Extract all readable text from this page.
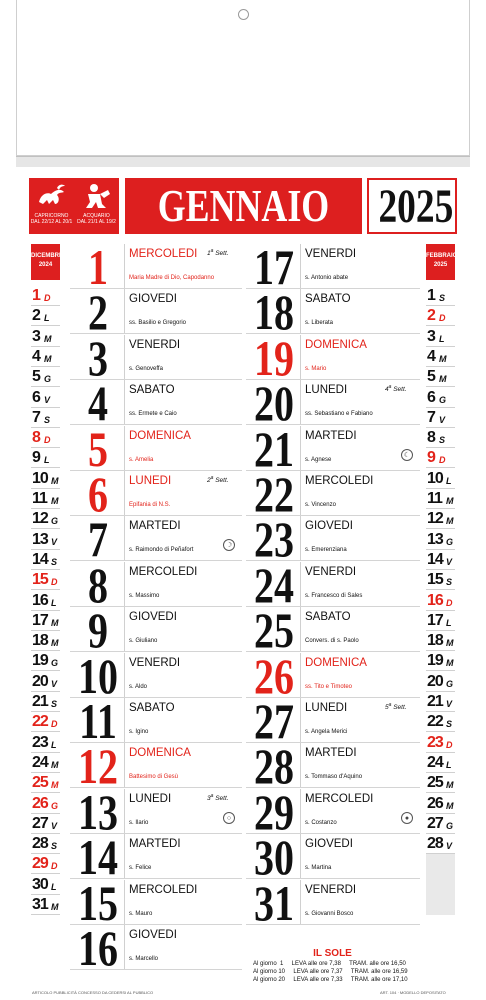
CAPRICORNO
DAL 22/12 AL 20/1
ACQUARIO
DAL 21/1 AL 19/2 GENNAIO 2025
DICEMBRE 2024
1 D
2 L
3 M
4 M
5 G
6 V
7 S
8 D
9 L
10 M
11 M
12 G
13 V
14 S
15 D
16 L
17 M
18 M
19 G
20 V
21 S
22 D
23 L
24 M
25 M
26 G
27 V
28 S
29 D
30 L
31 M
FEBBRAIO 2025
1 S
2 D
3 L
4 M
5 M
6 G
7 V
8 S
9 D
10 L
11 M
12 M
13 G
14 V
15 S
16 D
17 L
18 M
19 M
20 G
21 V
22 S
23 D
24 L
25 M
26 M
27 G
28 V
1	MERCOLEDI
Maria Madre di Dio, Capodanno
1$^a$ Sett.
2	GIOVEDI
ss. Basilio e Gregorio
3	VENERDI
s. Genoveffa
4	SABATO
ss. Ermete e Caio
5	DOMENICA
s. Amelia
6	LUNEDI
Epifania di N.S.
2$^a$ Sett.
7	MARTEDI
s. Raimondo di Peñafort
☽
8	MERCOLEDI
s. Massimo
9	GIOVEDI
s. Giuliano
10 VENERDI
s. Aldo
11	SABATO
s. Igino
12 DOMENICA
Battesimo di Gesù
13 LUNEDI
s. Ilario
3$^a$ Sett.
○
14 MARTEDI
s. Felice
15 MERCOLEDI
s. Mauro
16 GIOVEDI
s. Marcello
17 VENERDI
s. Antonio abate
18 SABATO
s. Liberata
19 DOMENICA
s. Mario
20 LUNEDI
ss. Sebastiano e Fabiano
4$^a$ Sett.
21 MARTEDI
s. Agnese
☾
22 MERCOLEDI
s. Vincenzo
23 GIOVEDI
s. Emerenziana
24 VENERDI
s. Francesco di Sales
25 SABATO
Convers. di s. Paolo
26 DOMENICA
ss. Tito e Timoteo
27 LUNEDI
s. Angela Merici
5$^a$ Sett.
28 MARTEDI
s. Tommaso d'Aquino
29 MERCOLEDI
s. Costanzo
●
30 GIOVEDI
s. Martina
31 VENERDI
s. Giovanni Bosco
IL SOLE
Al giorno  1     LEVA alle ore 7,38     TRAM. alle ore 16,50
Al giorno 10     LEVA alle ore 7,37     TRAM. alle ore 16,59
Al giorno 20     LEVA alle ore 7,33     TRAM. alle ore 17,10
ARTICOLO PUBBLICITÀ CONCESSO DA CEDERSI AL PUBBLICO	ART. 104 · MODELLO DEPOSITATO
